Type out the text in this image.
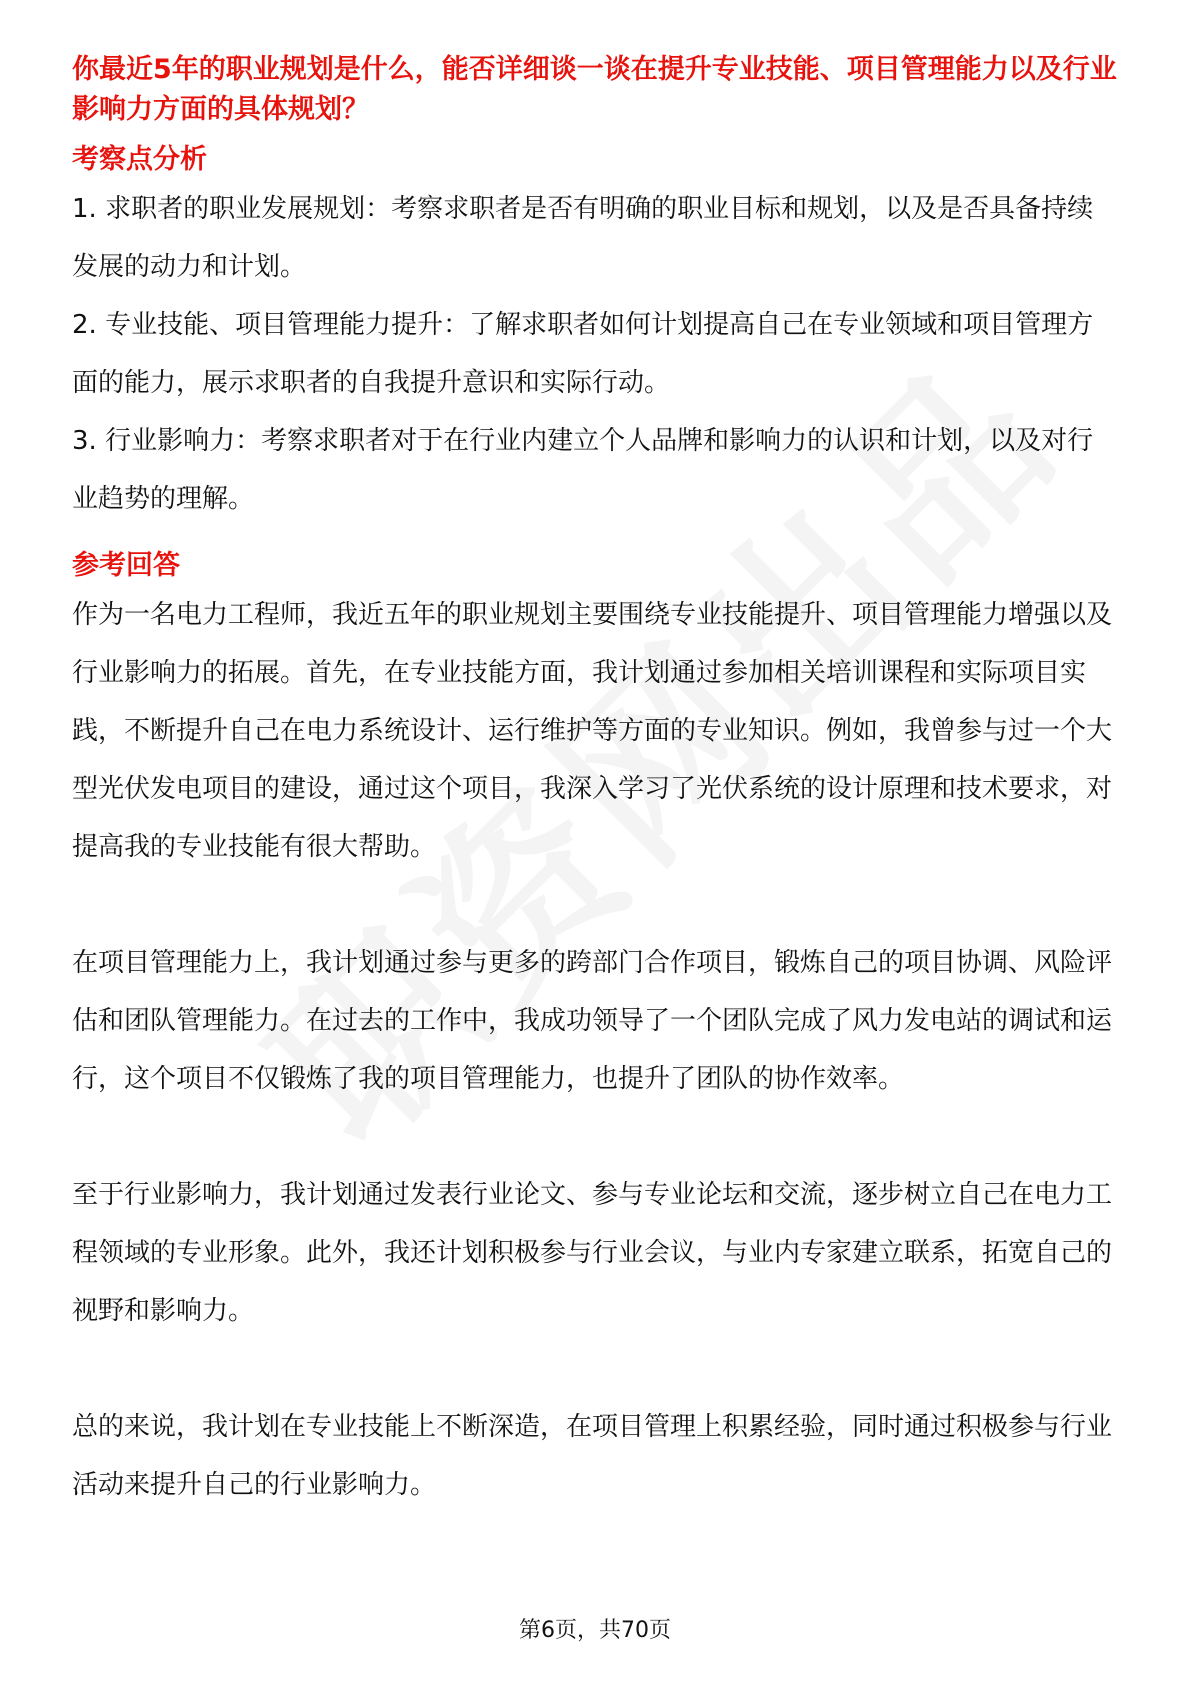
你最近5年的职业规划是什么，能否详细谈一谈在提升专业技能、项目管理能力以及行业影响力方面的具体规划？

考察点分析

1. 求职者的职业发展规划：考察求职者是否有明确的职业目标和规划，以及是否具备持续发展的动力和计划。

2. 专业技能、项目管理能力提升：了解求职者如何计划提高自己在专业领域和项目管理方面的能力，展示求职者的自我提升意识和实际行动。

3. 行业影响力：考察求职者对于在行业内建立个人品牌和影响力的认识和计划，以及对行业趋势的理解。

参考回答

作为一名电力工程师，我近五年的职业规划主要围绕专业技能提升、项目管理能力增强以及行业影响力的拓展。首先，在专业技能方面，我计划通过参加相关培训课程和实际项目实践，不断提升自己在电力系统设计、运行维护等方面的专业知识。例如，我曾参与过一个大型光伏发电项目的建设，通过这个项目，我深入学习了光伏系统的设计原理和技术要求，对提高我的专业技能有很大帮助。

在项目管理能力上，我计划通过参与更多的跨部门合作项目，锻炼自己的项目协调、风险评估和团队管理能力。在过去的工作中，我成功领导了一个团队完成了风力发电站的调试和运行，这个项目不仅锻炼了我的项目管理能力，也提升了团队的协作效率。

至于行业影响力，我计划通过发表行业论文、参与专业论坛和交流，逐步树立自己在电力工程领域的专业形象。此外，我还计划积极参与行业会议，与业内专家建立联系，拓宽自己的视野和影响力。

总的来说，我计划在专业技能上不断深造，在项目管理上积累经验，同时通过积极参与行业活动来提升自己的行业影响力。

第6页，共70页
